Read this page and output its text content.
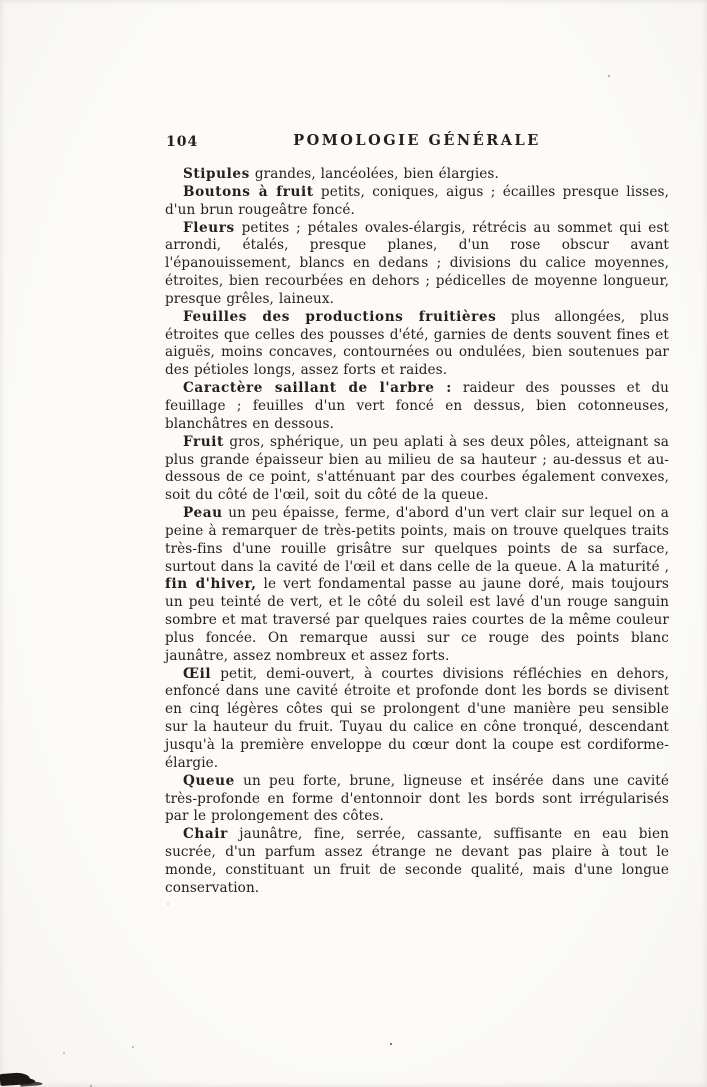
104	POMOLOGIE GÉNÉRALE

Stipules grandes, lancéolées, bien élargies.

Boutons à fruit petits, coniques, aigus ; écailles presque lisses, d'un brun rougeâtre foncé.

Fleurs petites ; pétales ovales-élargis, rétrécis au sommet qui est arrondi, étalés, presque planes, d'un rose obscur avant l'épanouissement, blancs en dedans ; divisions du calice moyennes, étroites, bien recourbées en dehors ; pédicelles de moyenne longueur, presque grêles, laineux.

Feuilles des productions fruitières plus allongées, plus étroites que celles des pousses d'été, garnies de dents souvent fines et aiguës, moins concaves, contournées ou ondulées, bien soutenues par des pétioles longs, assez forts et raides.

Caractère saillant de l'arbre : raideur des pousses et du feuillage ; feuilles d'un vert foncé en dessus, bien cotonneuses, blanchâtres en dessous.

Fruit gros, sphérique, un peu aplati à ses deux pôles, atteignant sa plus grande épaisseur bien au milieu de sa hauteur ; au-dessus et au-dessous de ce point, s'atténuant par des courbes également convexes, soit du côté de l'œil, soit du côté de la queue.

Peau un peu épaisse, ferme, d'abord d'un vert clair sur lequel on a peine à remarquer de très-petits points, mais on trouve quelques traits très-fins d'une rouille grisâtre sur quelques points de sa surface, surtout dans la cavité de l'œil et dans celle de la queue. A la maturité , fin d'hiver, le vert fondamental passe au jaune doré, mais toujours un peu teinté de vert, et le côté du soleil est lavé d'un rouge sanguin sombre et mat traversé par quelques raies courtes de la même couleur plus foncée. On remarque aussi sur ce rouge des points blanc jaunâtre, assez nombreux et assez forts.

Œil petit, demi-ouvert, à courtes divisions réfléchies en dehors, enfoncé dans une cavité étroite et profonde dont les bords se divisent en cinq légères côtes qui se prolongent d'une manière peu sensible sur la hauteur du fruit. Tuyau du calice en cône tronqué, descendant jusqu'à la première enveloppe du cœur dont la coupe est cordiforme-élargie.

Queue un peu forte, brune, ligneuse et insérée dans une cavité très-profonde en forme d'entonnoir dont les bords sont irrégularisés par le prolongement des côtes.

Chair jaunâtre, fine, serrée, cassante, suffisante en eau bien sucrée, d'un parfum assez étrange ne devant pas plaire à tout le monde, constituant un fruit de seconde qualité, mais d'une longue conservation.
